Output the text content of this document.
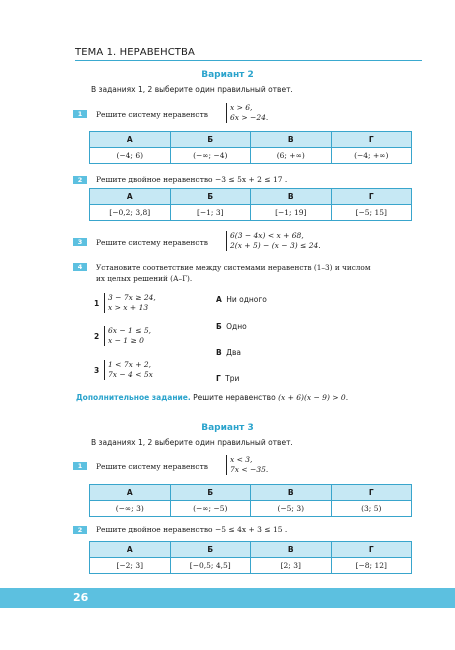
ТЕМА 1. НЕРАВЕНСТВА
Вариант 2
В заданиях 1, 2 выберите один правильный ответ.
1	Решите систему неравенств
x > 6,
6x > −24.
А	Б	В	Г
(−4; 6)	(−∞; −4)	(6; +∞)	(−4; +∞)
2	Решите двойное неравенство −3 ≤ 5x + 2 ≤ 17 .
А	Б	В	Г
[−0,2; 3,8]	[−1; 3]	[−1; 19]	[−5; 15]
3	Решите систему неравенств
6(3 − 4x) < x + 68,
2(x + 5) − (x − 3) ≤ 24.
4	Установите соответствие между системами неравенств (1–3) и числом
их целых решений (А–Г).
1
3 − 7x ≥ 24,
x > x + 13
2
6x − 1 ≤ 5,
x − 1 ≥ 0
3
1 < 7x + 2,
7x − 4 < 5x
А Ни одного
Б Одно
В Два
Г Три
Дополнительное задание. Решите неравенство (x + 6)(x − 9) > 0.
Вариант 3
В заданиях 1, 2 выберите один правильный ответ.
1	Решите систему неравенств
x < 3,
7x < −35.
А	Б	В	Г
(−∞; 3)	(−∞; −5)	(−5; 3)	(3; 5)
2	Решите двойное неравенство −5 ≤ 4x + 3 ≤ 15 .
А	Б	В	Г
[−2; 3]	[−0,5; 4,5]	[2; 3]	[−8; 12]
26
